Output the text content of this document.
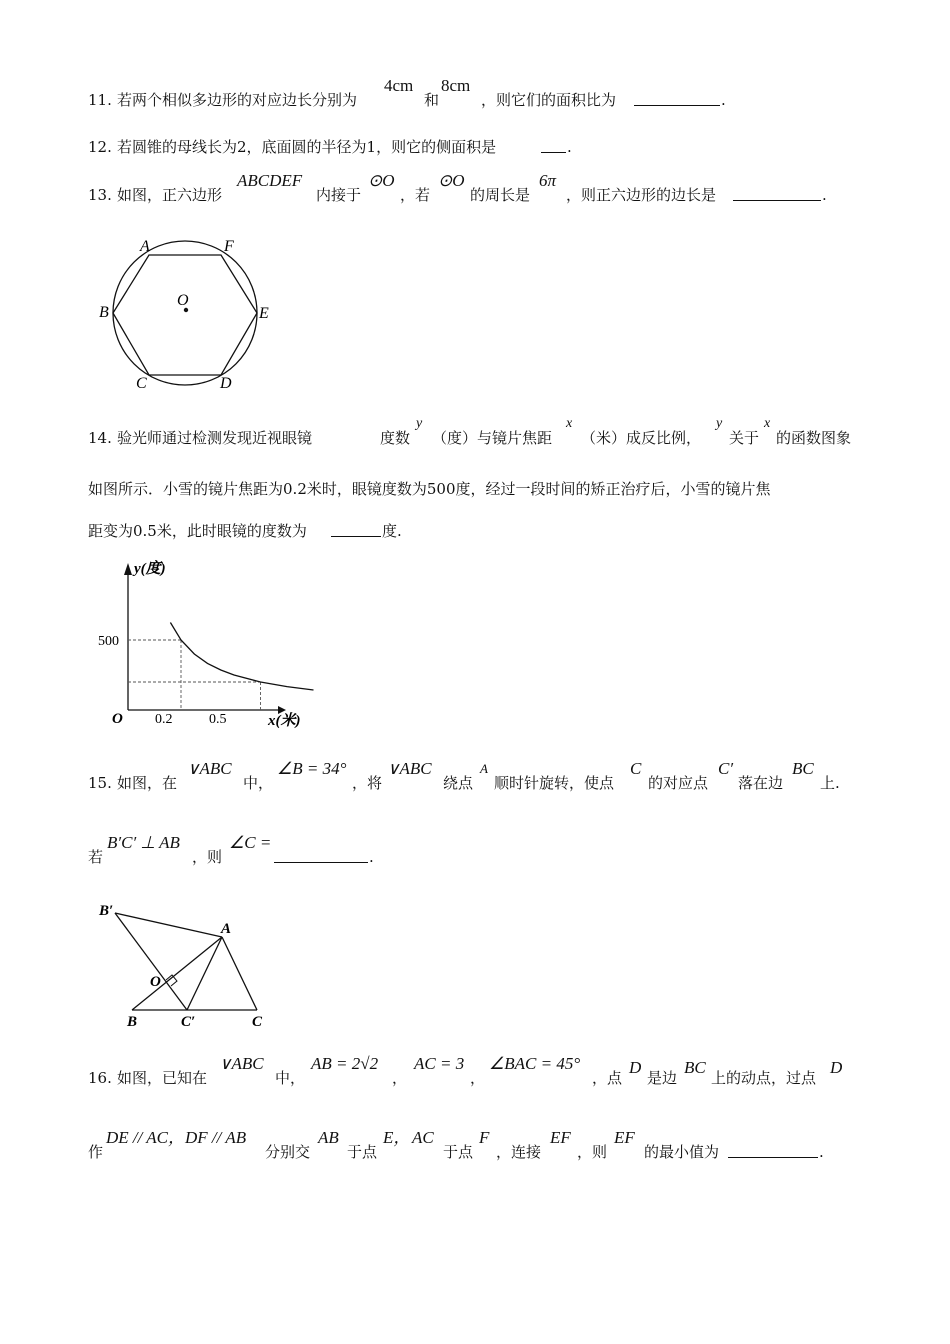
11. 若两个相似多边形的对应边长分别为
4cm
和
8cm
，则它们的面积比为	.
12. 若圆锥的母线长为2，底面圆的半径为1，则它的侧面积是	.
13. 如图，正六边形
ABCDEF
内接于
⊙O
，若
⊙O
的周长是
6π
，则正六边形的边长是	.
A	F
B
O
E
C	D
14. 验光师通过检测发现近视眼镜	度数
y
（度）与镜片焦距
x
（米）成反比例，
y
关于
x
的函数图象
如图所示．小雪的镜片焦距为0.2米时，眼镜度数为500度，经过一段时间的矫正治疗后，小雪的镜片焦
距变为0.5米，此时眼镜的度数为	度.
y(度)
x(米)
O 0.2	0.5
500
15. 如图，在
∨ABC
中，
∠B = 34°
，将
∨ABC
绕点
A
顺时针旋转，使点
C
的对应点
C′
落在边
BC
上.
若
B′C′ ⊥ AB
，则
∠C =
.
B′
A
O
B	C′	C
16. 如图，已知在
∨ABC
中，
AB = 2√2
，
AC = 3
，
∠BAC = 45°
，点
D
是边
BC
上的动点，过点
D
作
DE // AC，DF // AB
分别交
AB
于点
E， AC
于点
F
，连接
EF
，则
EF
的最小值为	.
